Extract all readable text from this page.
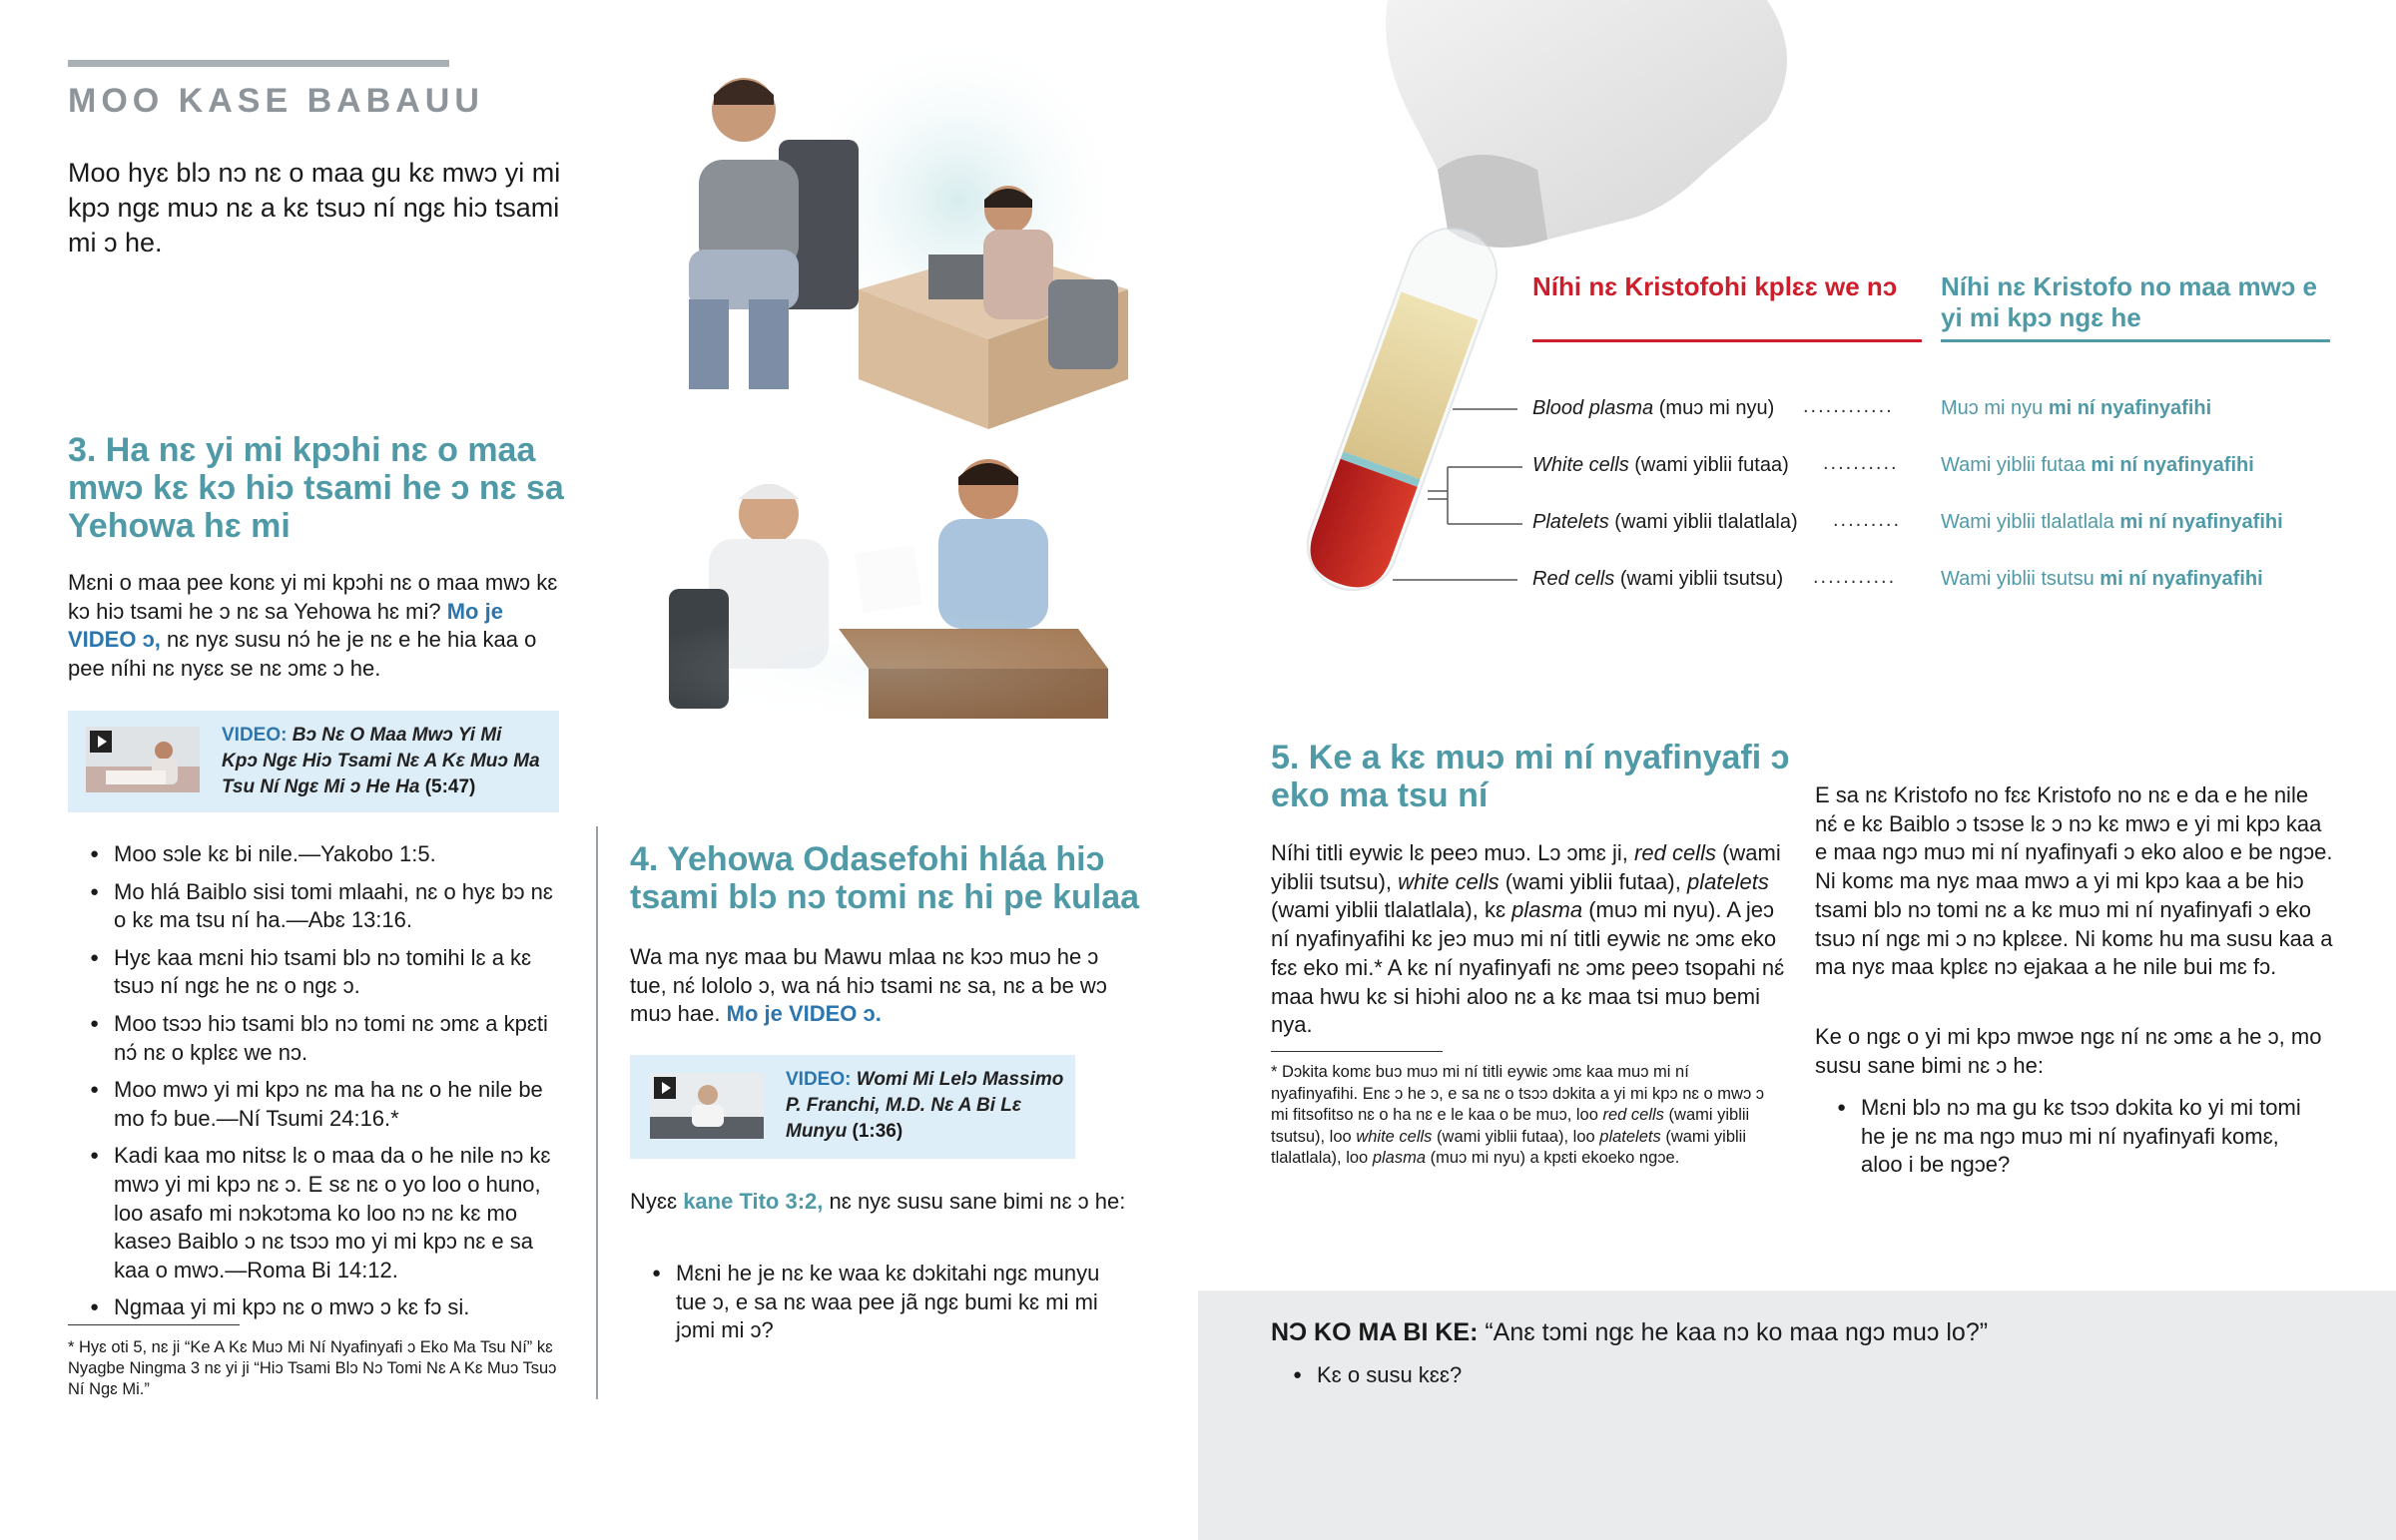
MOO KASE BABAUU
Moo hyɛ blɔ nɔ nɛ o maa gu kɛ mwɔ yi mi kpɔ ngɛ muɔ nɛ a kɛ tsuɔ ní ngɛ hiɔ tsami mi ɔ he.
3. Ha nɛ yi mi kpɔhi nɛ o maa mwɔ kɛ kɔ hiɔ tsami he ɔ nɛ sa Yehowa hɛ mi
Mɛni o maa pee konɛ yi mi kpɔhi nɛ o maa mwɔ kɛ kɔ hiɔ tsami he ɔ nɛ sa Yehowa hɛ mi? Mo je VIDEO ɔ, nɛ nyɛ susu nɔ́ he je nɛ e he hia kaa o pee níhi nɛ nyɛɛ se nɛ ɔmɛ ɔ he.
VIDEO: Bɔ Nɛ O Maa Mwɔ Yi Mi Kpɔ Ngɛ Hiɔ Tsami Nɛ A Kɛ Muɔ Ma Tsu Ní Ngɛ Mi ɔ He Ha (5:47)
● Moo sɔle kɛ bi nile.—Yakobo 1:5.
● Mo hlá Baiblo sisi tomi mlaahi, nɛ o hyɛ bɔ nɛ o kɛ ma tsu ní ha.—Abɛ 13:16.
● Hyɛ kaa mɛni hiɔ tsami blɔ nɔ tomihi lɛ a kɛ tsuɔ ní ngɛ he nɛ o ngɛ ɔ.
● Moo tsɔɔ hiɔ tsami blɔ nɔ tomi nɛ ɔmɛ a kpɛti nɔ́ nɛ o kplɛɛ we nɔ.
● Moo mwɔ yi mi kpɔ nɛ ma ha nɛ o he nile be mo fɔ bue.—Ní Tsumi 24:16.*
● Kadi kaa mo nitsɛ lɛ o maa da o he nile nɔ kɛ mwɔ yi mi kpɔ nɛ ɔ. E sɛ nɛ o yo loo o huno, loo asafo mi nɔkɔtɔma ko loo nɔ nɛ kɛ mo kaseɔ Baiblo ɔ nɛ tsɔɔ mo yi mi kpɔ nɛ e sa kaa o mwɔ.—Roma Bi 14:12.
● Ngmaa yi mi kpɔ nɛ o mwɔ ɔ kɛ fɔ si.
* Hyɛ oti 5, nɛ ji “Ke A Kɛ Muɔ Mi Ní Nyafinyafi ɔ Eko Ma Tsu Ní” kɛ Nyagbe Ningma 3 nɛ yi ji “Hiɔ Tsami Blɔ Nɔ Tomi Nɛ A Kɛ Muɔ Tsuɔ Ní Ngɛ Mi.”
4. Yehowa Odasefohi hláa hiɔ tsami blɔ nɔ tomi nɛ hi pe kulaa
Wa ma nyɛ maa bu Mawu mlaa nɛ kɔɔ muɔ he ɔ tue, nɛ́ lololo ɔ, wa ná hiɔ tsami nɛ sa, nɛ a be wɔ muɔ hae. Mo je VIDEO ɔ.
VIDEO: Womi Mi Lelɔ Massimo P. Franchi, M.D. Nɛ A Bi Lɛ Munyu (1:36)
Nyɛɛ kane Tito 3:2, nɛ nyɛ susu sane bimi nɛ ɔ he:
● Mɛni he je nɛ ke waa kɛ dɔkitahi ngɛ munyu tue ɔ, e sa nɛ waa pee jã ngɛ bumi kɛ mi mi jɔmi mi ɔ?
Níhi nɛ Kristofohi kplɛɛ we nɔ	Níhi nɛ Kristofo no maa mwɔ e yi mi kpɔ ngɛ he
Blood plasma (muɔ mi nyu) ............ Muɔ mi nyu mi ní nyafinyafihi
White cells (wami yiblii futaa) .......... Wami yiblii futaa mi ní nyafinyafihi
Platelets (wami yiblii tlalatlala) ......... Wami yiblii tlalatlala mi ní nyafinyafihi
Red cells (wami yiblii tsutsu) ........... Wami yiblii tsutsu mi ní nyafinyafihi
5. Ke a kɛ muɔ mi ní nyafinyafi ɔ eko ma tsu ní
Níhi titli eywiɛ lɛ peeɔ muɔ. Lɔ ɔmɛ ji, red cells (wami yiblii tsutsu), white cells (wami yiblii futaa), platelets (wami yiblii tlalatlala), kɛ plasma (muɔ mi nyu). A jeɔ ní nyafinyafihi kɛ jeɔ muɔ mi ní titli eywiɛ nɛ ɔmɛ eko fɛɛ eko mi.* A kɛ ní nyafinyafi nɛ ɔmɛ peeɔ tsopahi nɛ́ maa hwu kɛ si hiɔhi aloo nɛ a kɛ maa tsi muɔ bemi nya.
* Dɔkita komɛ buɔ muɔ mi ní titli eywiɛ ɔmɛ kaa muɔ mi ní nyafinyafihi. Enɛ ɔ he ɔ, e sa nɛ o tsɔɔ dɔkita a yi mi kpɔ nɛ o mwɔ ɔ mi fitsofitso nɛ o ha nɛ e le kaa o be muɔ, loo red cells (wami yiblii tsutsu), loo white cells (wami yiblii futaa), loo platelets (wami yiblii tlalatlala), loo plasma (muɔ mi nyu) a kpɛti ekoeko ngɔe.
E sa nɛ Kristofo no fɛɛ Kristofo no nɛ e da e he nile nɛ́ e kɛ Baiblo ɔ tsɔse lɛ ɔ nɔ kɛ mwɔ e yi mi kpɔ kaa e maa ngɔ muɔ mi ní nyafinyafi ɔ eko aloo e be ngɔe. Ni komɛ ma nyɛ maa mwɔ a yi mi kpɔ kaa a be hiɔ tsami blɔ nɔ tomi nɛ a kɛ muɔ mi ní nyafinyafi ɔ eko tsuɔ ní ngɛ mi ɔ nɔ kplɛɛe. Ni komɛ hu ma susu kaa a ma nyɛ maa kplɛɛ nɔ ejakaa a he nile bui mɛ fɔ.
Ke o ngɛ o yi mi kpɔ mwɔe ngɛ ní nɛ ɔmɛ a he ɔ, mo susu sane bimi nɛ ɔ he:
● Mɛni blɔ nɔ ma gu kɛ tsɔɔ dɔkita ko yi mi tomi he je nɛ ma ngɔ muɔ mi ní nyafinyafi komɛ, aloo i be ngɔe?
NƆ KO MA BI KE: “Anɛ tɔmi ngɛ he kaa nɔ ko maa ngɔ muɔ lo?”
● Kɛ o susu kɛɛ?
